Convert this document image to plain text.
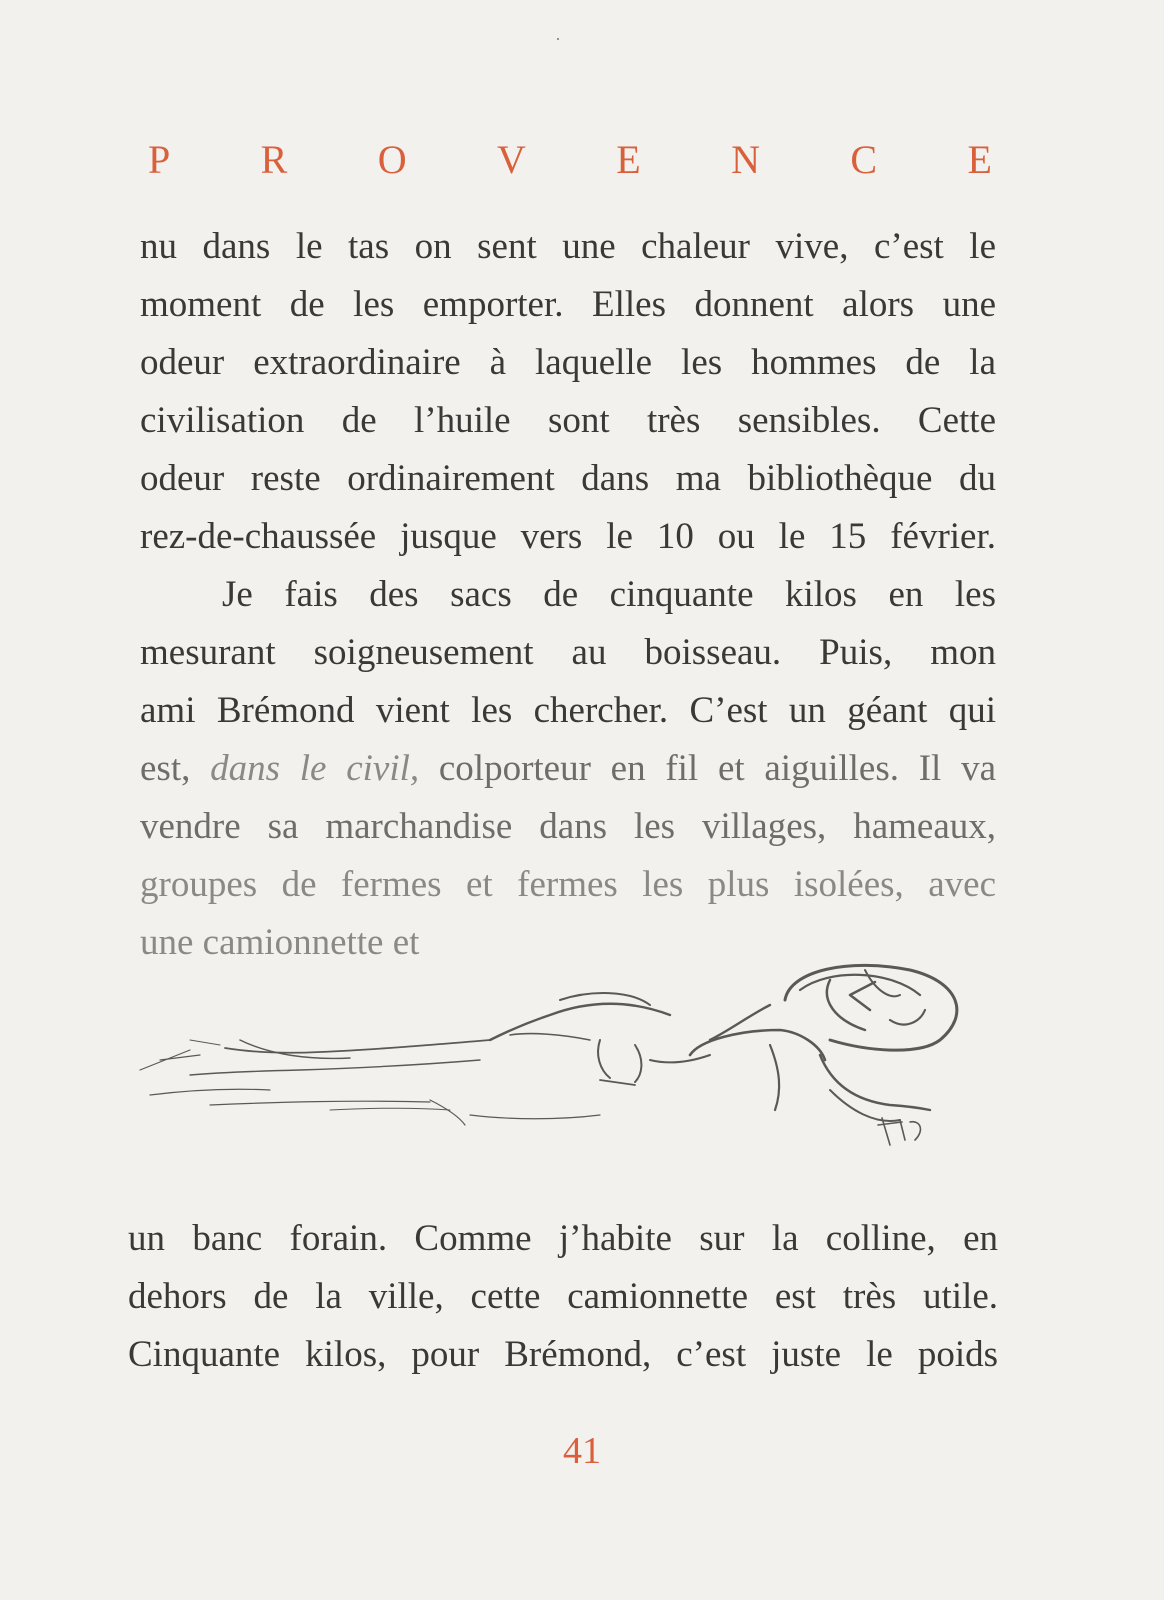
P R O V E N C E
nu dans le tas on sent une chaleur vive, c’est le
moment de les emporter. Elles donnent alors une
odeur extraordinaire à laquelle les hommes de la
civilisation de l’huile sont très sensibles. Cette
odeur reste ordinairement dans ma bibliothèque du
rez-de-chaussée jusque vers le 10 ou le 15 février.
Je fais des sacs de cinquante kilos en les
mesurant soigneusement au boisseau. Puis, mon
ami Brémond vient les chercher. C’est un géant qui
est, dans le civil, colporteur en fil et aiguilles. Il va
vendre sa marchandise dans les villages, hameaux,
groupes de fermes et fermes les plus isolées, avec
une camionnette et
un banc forain. Comme j’habite sur la colline, en
dehors de la ville, cette camionnette est très utile.
Cinquante kilos, pour Brémond, c’est juste le poids
41
